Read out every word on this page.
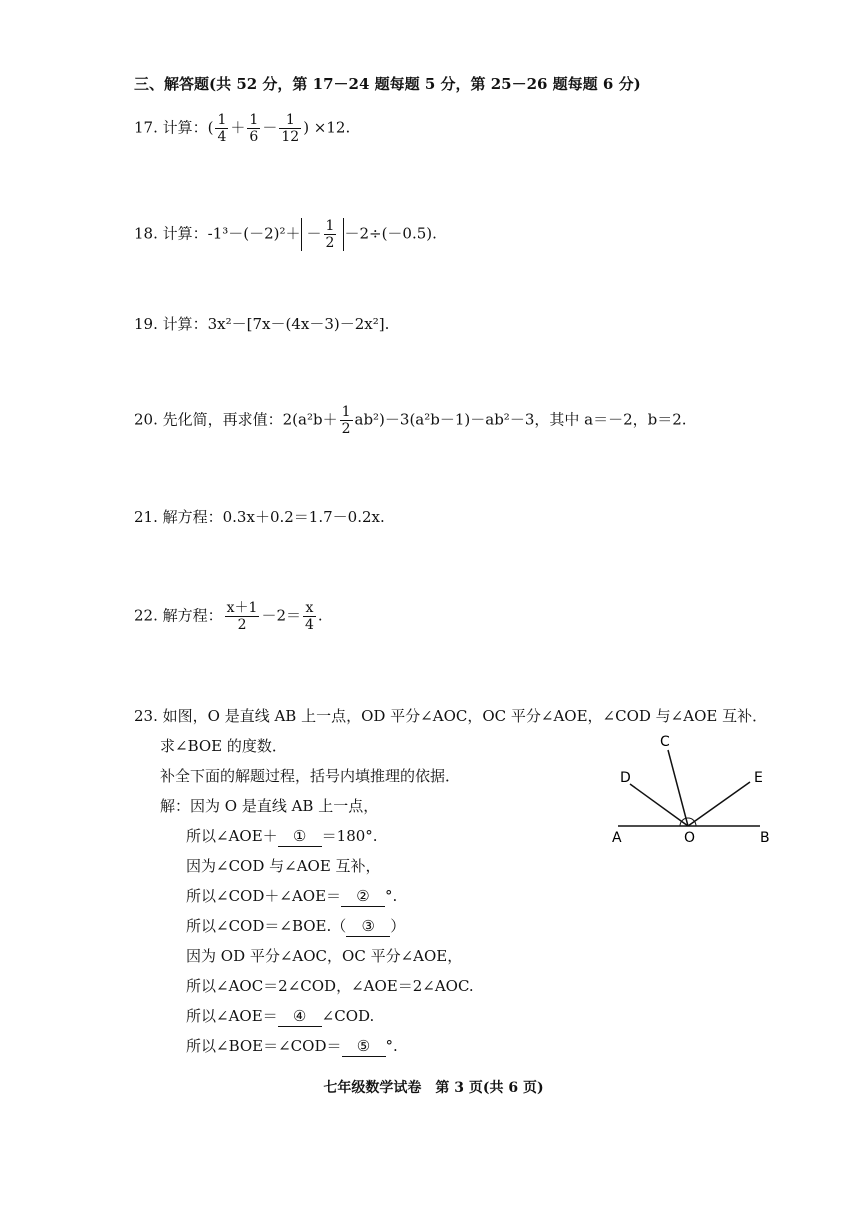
三、解答题(共 52 分，第 17－24 题每题 5 分，第 25－26 题每题 6 分)
17. 计算：( $\frac{1}{4} + \frac{1}{6} - \frac{1}{12}$ ) ×12.
18. 计算：$-1^3-(-2)^2+ - \frac{1}{2} -2\div(-0.5)$.
19. 计算：3x²－[7x－(4x－3)－2x²].
20. 先化简，再求值：$2(a^2b+ \frac{1}{2} ab^2)-3(a^2b-1)-ab^2-3$，其中 a＝－2，b＝2.
21. 解方程：0.3x＋0.2＝1.7－0.2x.
22. 解方程： $\frac{x+1}{2} -2= \frac{x}{4}$ .
23. 如图，O 是直线 AB 上一点，OD 平分∠AOC，OC 平分∠AOE，∠COD 与∠AOE 互补．
求∠BOE 的度数．
补全下面的解题过程，括号内填推理的依据．
解：因为 O 是直线 AB 上一点，
所以∠AOE＋ ① ＝180°.
因为∠COD 与∠AOE 互补，
所以∠COD＋∠AOE＝ ② °.
所以∠COD＝∠BOE.（ ③ ）
因为 OD 平分∠AOC，OC 平分∠AOE，
所以∠AOC＝2∠COD，∠AOE＝2∠AOC.
所以∠AOE＝ ④ ∠COD.
所以∠BOE＝∠COD＝ ⑤ °.
A	O	B
C
D	E
七年级数学试卷　第 3 页(共 6 页)
